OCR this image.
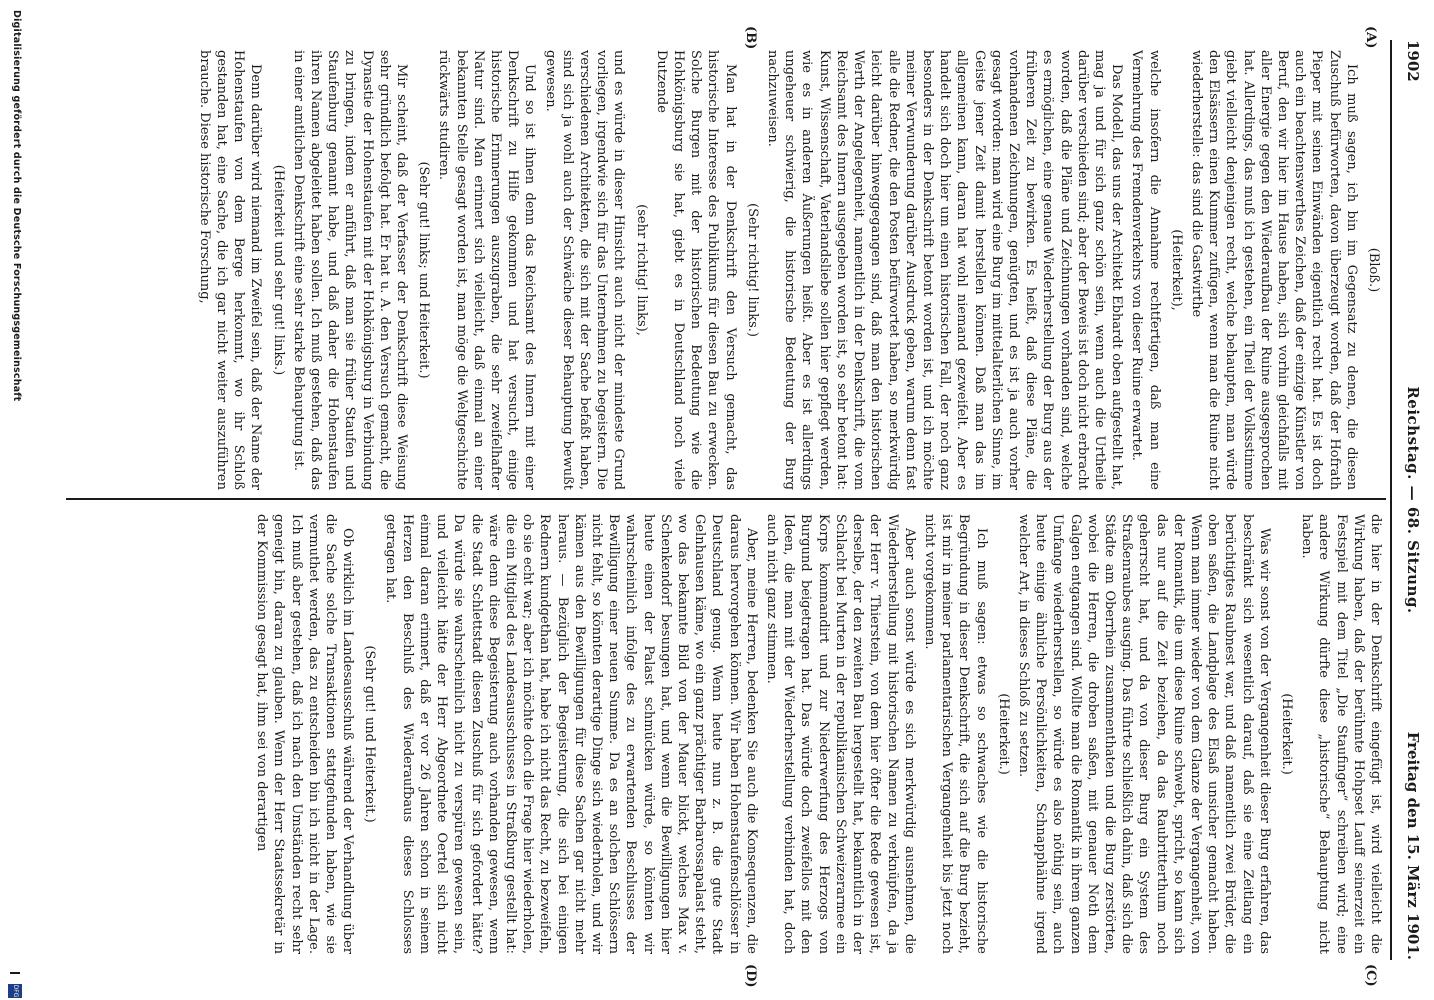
1902
Reichstag. — 68. Sitzung.
Freitag den 15. März 1901.
(A)
(B)
(C)
(D)

(Bloß.)

Ich muß sagen, ich bin im Gegensatz zu denen, die diesen Zuschuß befürworten, davon überzeugt worden, daß der Hofrath Pieper mit seinen Einwänden eigentlich recht hat. Es ist doch auch ein beachtenswerthes Zeichen, daß der einzige Künstler von Beruf, den wir hier im Hause haben, sich vorhin gleichfalls mit aller Energie gegen den Wiederaufbau der Ruine ausgesprochen hat. Allerdings, das muß ich gestehen, ein Theil der Volksstimme giebt vielleicht denjenigen recht, welche behaupten, man würde den Elsässern einen Kummer zufügen, wenn man die Ruine nicht wiederherstelle: das sind die Gastwirthe

(Heiterkeit),

welche insofern die Annahme rechtfertigen, daß man eine Vermehrung des Fremdenverkehrs von dieser Ruine erwartet.

Das Modell, das uns der Architekt Ebhardt oben aufgestellt hat, mag ja und für sich ganz schön sein, wenn auch die Urtheile darüber verschieden sind; aber der Beweis ist doch nicht erbracht worden, daß die Pläne und Zeichnungen vorhanden sind, welche es ermöglichen, eine genaue Wiederherstellung der Burg aus der früheren Zeit zu bewirken. Es heißt, daß diese Pläne, die vorhandenen Zeichnungen, genügten, und es ist ja auch vorher gesagt worden: man wird eine Burg im mittelalterlichen Sinne, im Geiste jener Zeit damit herstellen können. Daß man das im allgemeinen kann, daran hat wohl niemand gezweifelt. Aber es handelt sich doch hier um einen historischen Fall, der noch ganz besonders in der Denkschrift betont worden ist, und ich möchte meiner Verwunderung darüber Ausdruck geben, warum denn fast alle die Redner, die den Posten befürwortet haben, so merkwürdig leicht darüber hinweggegangen sind, daß man den historischen Werth der Angelegenheit, namentlich in der Denkschrift, die vom Reichsamt des Innern ausgegeben worden ist, so sehr betont hat: Kunst, Wissenschaft, Vaterlandsliebe sollen hier gepflegt werden, wie es in anderen Äußerungen heißt. Aber es ist allerdings ungeheuer schwierig, die historische Bedeutung der Burg nachzuweisen.

(Sehr richtig! links.)

Man hat in der Denkschrift den Versuch gemacht, das historische Interesse des Publikums für diesen Bau zu erwecken. Solche Burgen mit der historischen Bedeutung wie die Hohkönigsburg sie hat, giebt es in Deutschland noch viele Dutzende

(sehr richtig! links),

und es würde in dieser Hinsicht auch nicht der mindeste Grund vorliegen, irgendwie sich für das Unternehmen zu begeistern. Die verschiedenen Architekten, die sich mit der Sache befaßt haben, sind sich ja wohl auch der Schwäche dieser Behauptung bewußt gewesen.

Und so ist ihnen denn das Reichsamt des Innern mit einer Denkschrift zu Hilfe gekommen und hat versucht, einige historische Erinnerungen auszugraben, die sehr zweifelhafter Natur sind. Man erinnert sich vielleicht, daß einmal an einer bekannten Stelle gesagt worden ist, man möge die Weltgeschichte rückwärts studiren.

(Sehr gut! links; und Heiterkeit.)

Mir scheint, daß der Verfasser der Denkschrift diese Weisung sehr gründlich befolgt hat. Er hat u. A. den Versuch gemacht, die Dynastie der Hohenstaufen mit der Hohkönigsburg in Verbindung zu bringen, indem er anführt, daß man sie früher Staufen und Staufenburg genannt habe, und daß daher die Hohenstaufen ihren Namen abgeleitet haben sollen. Ich muß gestehen, daß das in einer amtlichen Denkschrift eine sehr starke Behauptung ist.

(Heiterkeit und sehr gut! links.)

Denn darüber wird niemand im Zweifel sein, daß der Name der Hohenstaufen von dem Berge herkommt, wo ihr Schloß gestanden hat, eine Sache, die ich gar nicht weiter auszuführen brauche. Diese historische Forschung,

die hier in der Denkschrift eingefügt ist, wird vielleicht die Wirkung haben, daß der berühmte Hohpset Lauff seinerzeit ein Festspiel mit dem Titel „Die Staufinger“ schreiben wird; eine andere Wirkung dürfte diese „historische“ Behauptung nicht haben.

(Heiterkeit.)

Was wir sonst von der Vergangenheit dieser Burg erfahren, das beschränkt sich wesentlich darauf, daß sie eine Zeitlang ein berüchtigtes Raubnest war, und daß namentlich zwei Brüder, die oben saßen, die Landplage des Elsaß unsicher gemacht haben. Wenn man immer wieder von dem Glanze der Vergangenheit, von der Romantik, die um diese Ruine schwebt, spricht, so kann sich das nur auf die Zeit beziehen, da das Raubritterthum noch geherrscht hat, und da von dieser Burg ein System des Straßenraubes ausging. Das führte schließlich dahin, daß sich die Städte am Oberrhein zusammenthaten und die Burg zerstörten, wobei die Herren, die droben saßen, mit genauer Noth dem Galgen entgangen sind. Wollte man die Romantik in ihrem ganzen Umfange wiederherstellen, so würde es also nöthig sein, auch heute einige ähnliche Persönlichkeiten, Schnapphähne irgend welcher Art, in dieses Schloß zu setzen.

(Heiterkeit.)

Ich muß sagen: etwas so schwaches wie die historische Begründung in dieser Denkschrift, die sich auf die Burg bezieht, ist mir in meiner parlamentarischen Vergangenheit bis jetzt noch nicht vorgekommen.

Aber auch sonst würde es sich merkwürdig ausnehmen, die Wiederherstellung mit historischen Namen zu verknüpfen, da ja der Herr v. Thierstein, von dem hier öfter die Rede gewesen ist, derselbe, der den zweiten Bau hergestellt hat, bekanntlich in der Schlacht bei Murten in der republikanischen Schweizerarmee ein Korps kommandirt und zur Niederwerfung des Herzogs von Burgund beigetragen hat. Das würde doch zweifellos mit den Ideen, die man mit der Wiederherstellung verbinden hat, doch auch nicht ganz stimmen.

Aber, meine Herren, bedenken Sie auch die Konsequenzen, die daraus hervorgehen können. Wir haben Hohenstaufenschlösser in Deutschland genug. Wenn heute nun z. B. die gute Stadt Gelnhausen käme, wo ein ganz prächtiger Barbarossapalast steht, wo das bekannte Bild von der Mauer blickt, welches Max v. Schenkendorf besungen hat, und wenn die Bewilligungen hier heute einen der Palast schmücken würde, so könnten wir wahrscheinlich infolge des zu erwartenden Beschlusses der Bewilligung einer neuen Summe. Da es an solchen Schlössern nicht fehlt, so könnten derartige Dinge sich wiederholen, und wir kämen aus den Bewilligungen für diese Sachen gar nicht mehr heraus. — Bezüglich der Begeisterung, die sich bei einigen Rednern kundgethan hat, habe ich nicht das Recht, zu bezweifeln, ob sie echt war; aber ich möchte doch die Frage hier wiederholen, die ein Mitglied des Landesausschusses in Straßburg gestellt hat: wäre denn diese Begeisterung auch vorhanden gewesen, wenn die Stadt Schlettstadt diesen Zuschuß für sich gefordert hätte? Da würde sie wahrscheinlich nicht zu verspüren gewesen sein, und vielleicht hätte der Herr Abgeordnete Oertel sich nicht einmal daran erinnert, daß er vor 26 Jahren schon in seinem Herzen den Beschluß des Wiederaufbaus dieses Schlosses getragen hat.

(Sehr gut! und Heiterkeit.)

Ob wirklich im Landesausschuß während der Verhandlung über die Sache solche Transaktionen stattgefunden haben, wie sie vermuthet werden, das zu entscheiden bin ich nicht in der Lage. Ich muß aber gestehen, daß ich nach den Umständen recht sehr geneigt bin, daran zu glauben. Wenn der Herr Staatssekretär in der Kommission gesagt hat, ihm sei von derartigen

Digitalisierung gefördert durch die Deutsche Forschungsgemeinschaft
DFG
